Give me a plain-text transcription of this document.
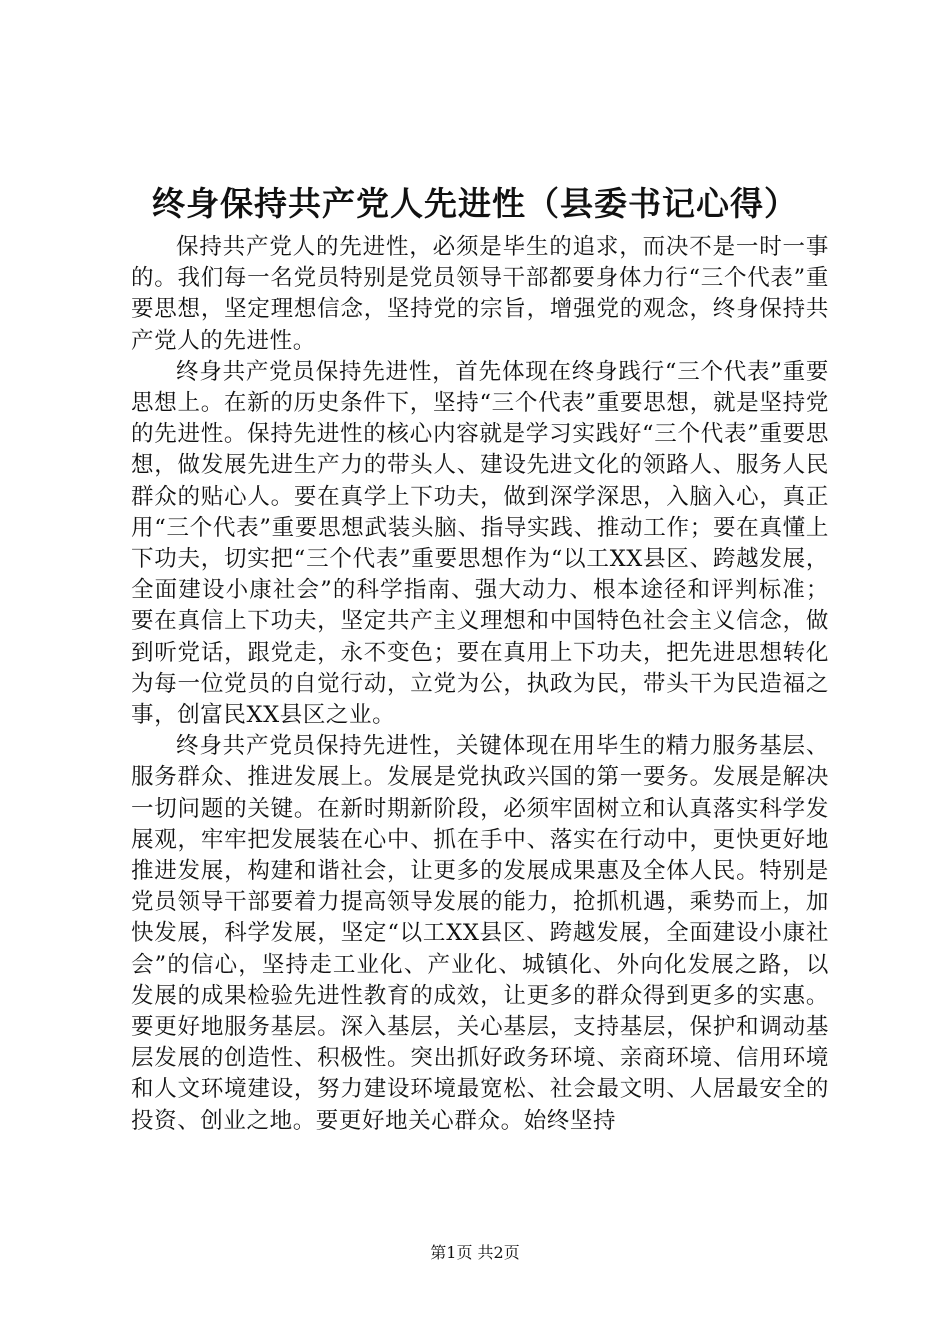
终身保持共产党人先进性（县委书记心得）

保持共产党人的先进性，必须是毕生的追求，而决不是一时一事的。我们每一名党员特别是党员领导干部都要身体力行“三个代表”重要思想，坚定理想信念，坚持党的宗旨，增强党的观念，终身保持共产党人的先进性。

终身共产党员保持先进性，首先体现在终身践行“三个代表”重要思想上。在新的历史条件下，坚持“三个代表”重要思想，就是坚持党的先进性。保持先进性的核心内容就是学习实践好“三个代表”重要思想，做发展先进生产力的带头人、建设先进文化的领路人、服务人民群众的贴心人。要在真学上下功夫，做到深学深思，入脑入心，真正用“三个代表”重要思想武装头脑、指导实践、推动工作；要在真懂上下功夫，切实把“三个代表”重要思想作为“以工XX县区、跨越发展，全面建设小康社会”的科学指南、强大动力、根本途径和评判标准；要在真信上下功夫，坚定共产主义理想和中国特色社会主义信念，做到听党话，跟党走，永不变色；要在真用上下功夫，把先进思想转化为每一位党员的自觉行动，立党为公，执政为民，带头干为民造福之事，创富民XX县区之业。

终身共产党员保持先进性，关键体现在用毕生的精力服务基层、服务群众、推进发展上。发展是党执政兴国的第一要务。发展是解决一切问题的关键。在新时期新阶段，必须牢固树立和认真落实科学发展观，牢牢把发展装在心中、抓在手中、落实在行动中，更快更好地推进发展，构建和谐社会，让更多的发展成果惠及全体人民。特别是党员领导干部要着力提高领导发展的能力，抢抓机遇，乘势而上，加快发展，科学发展，坚定“以工XX县区、跨越发展，全面建设小康社会”的信心，坚持走工业化、产业化、城镇化、外向化发展之路，以发展的成果检验先进性教育的成效，让更多的群众得到更多的实惠。要更好地服务基层。深入基层，关心基层，支持基层，保护和调动基层发展的创造性、积极性。突出抓好政务环境、亲商环境、信用环境和人文环境建设，努力建设环境最宽松、社会最文明、人居最安全的投资、创业之地。要更好地关心群众。始终坚持

第1页 共2页
